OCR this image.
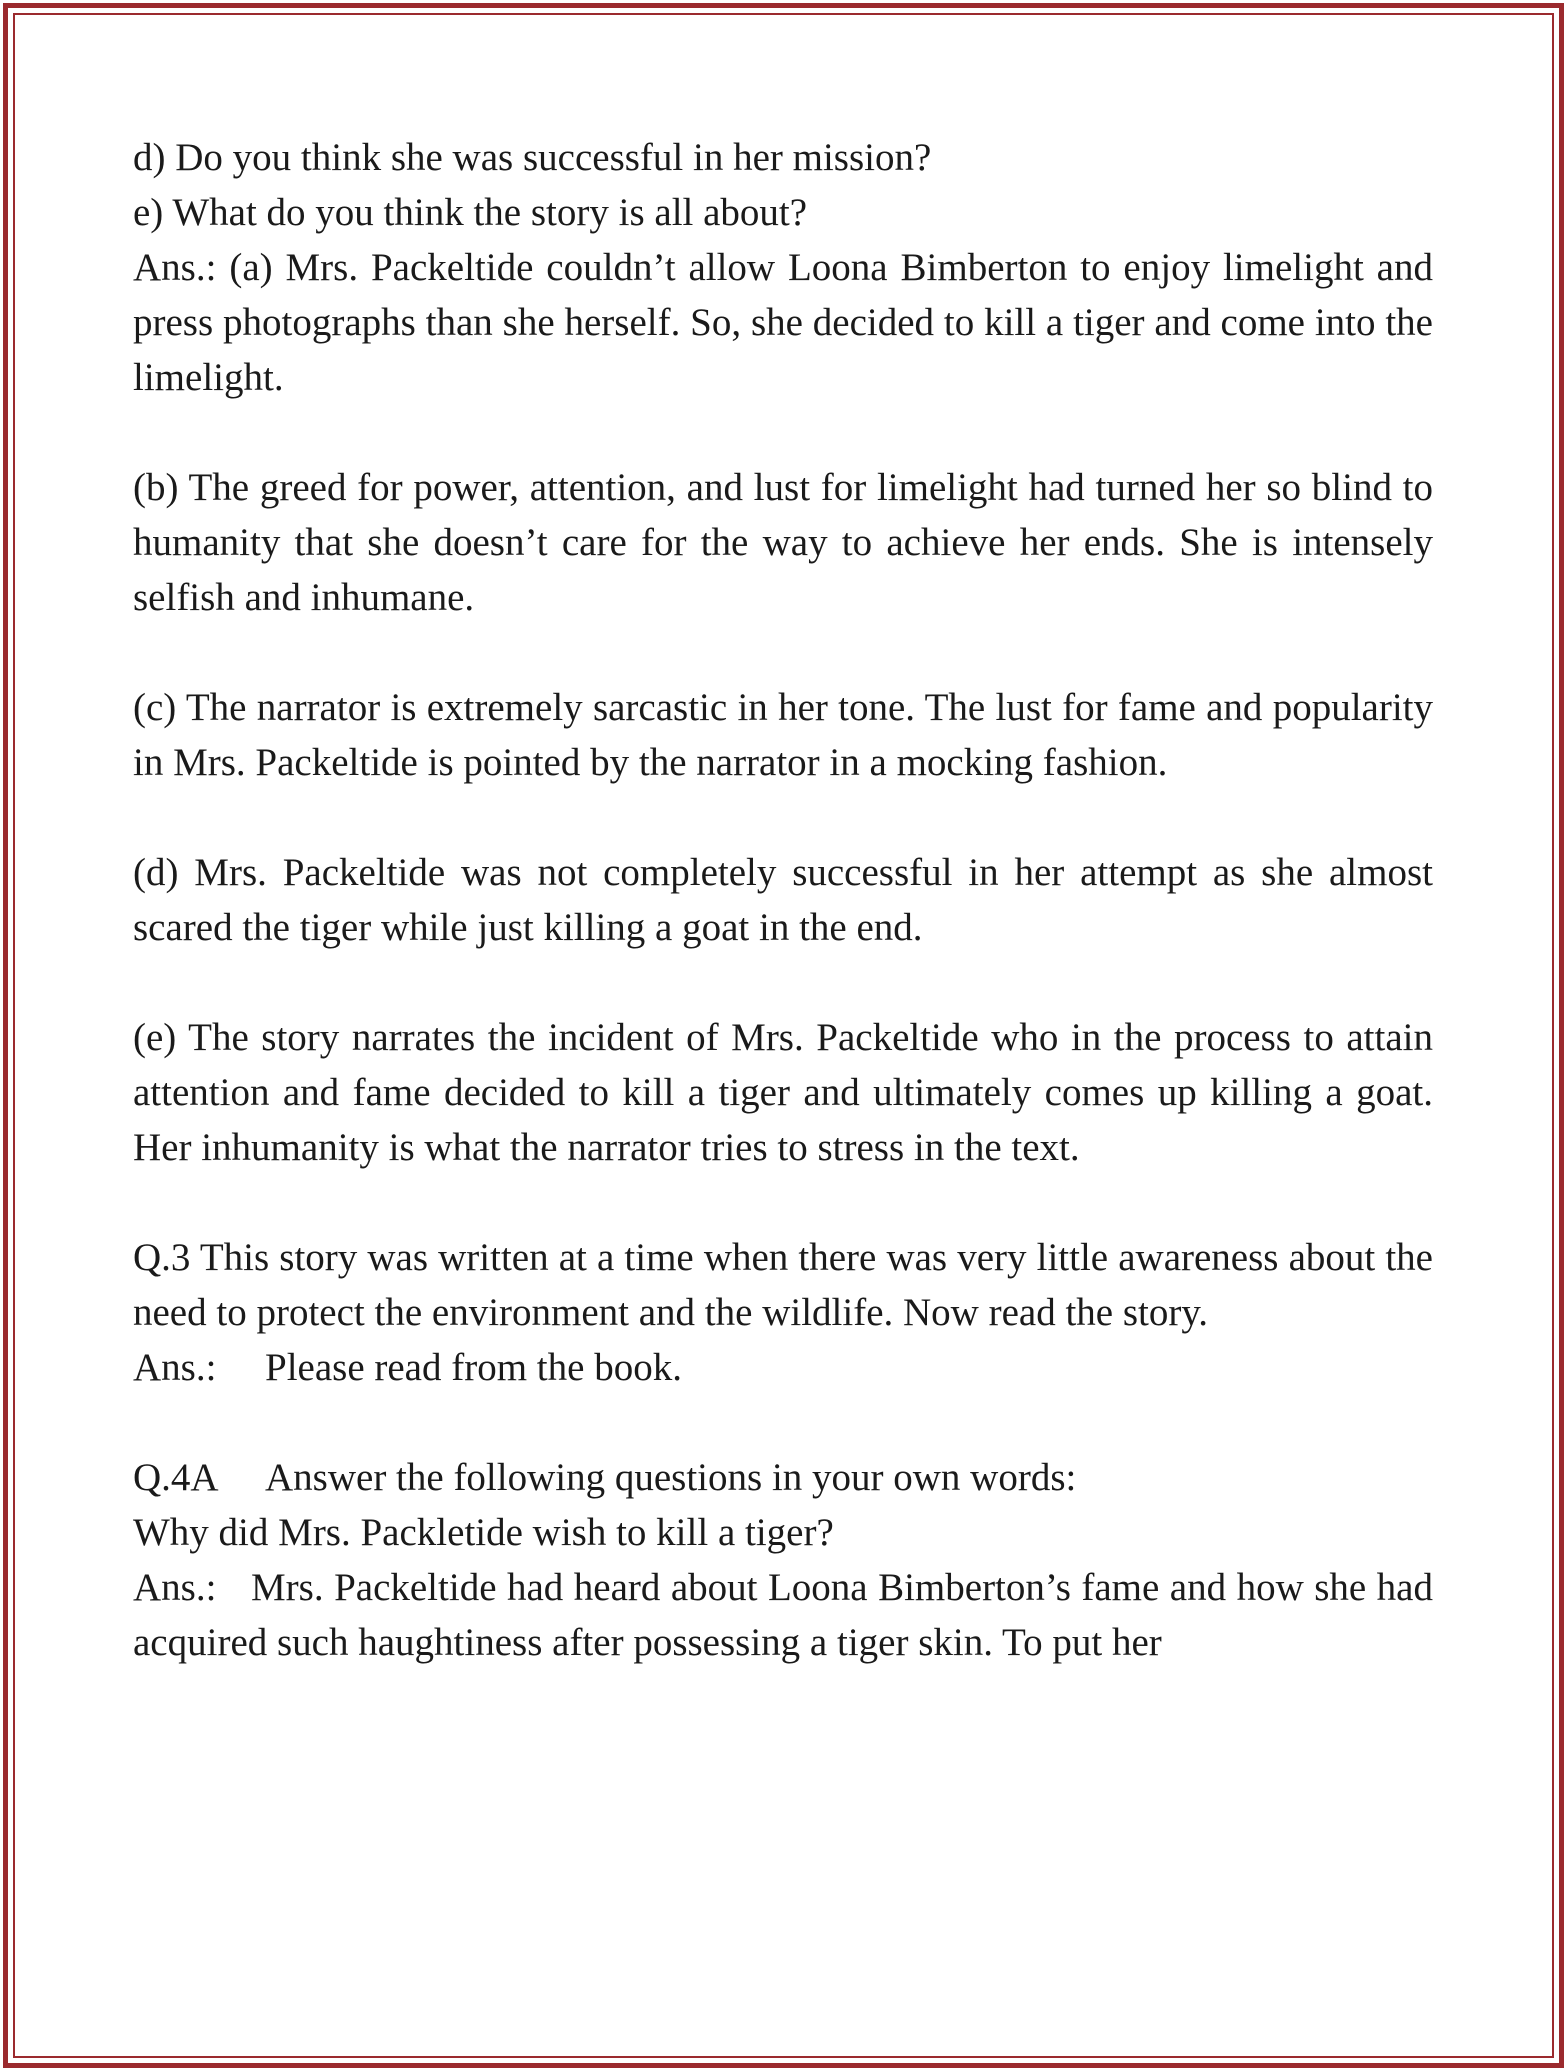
d) Do you think she was successful in her mission?
e) What do you think the story is all about?
Ans.: (a) Mrs. Packeltide couldn’t allow Loona Bimberton to enjoy limelight and press photographs than she herself. So, she decided to kill a tiger and come into the limelight.
(b) The greed for power, attention, and lust for limelight had turned her so blind to humanity that she doesn’t care for the way to achieve her ends. She is intensely selfish and inhumane.
(c) The narrator is extremely sarcastic in her tone. The lust for fame and popularity in Mrs. Packeltide is pointed by the narrator in a mocking fashion.
(d) Mrs. Packeltide was not completely successful in her attempt as she almost scared the tiger while just killing a goat in the end.
(e) The story narrates the incident of Mrs. Packeltide who in the process to attain attention and fame decided to kill a tiger and ultimately comes up killing a goat. Her inhumanity is what the narrator tries to stress in the text.
Q.3 This story was written at a time when there was very little awareness about the need to protect the environment and the wildlife. Now read the story.
Ans.: Please read from the book.
Q.4A Answer the following questions in your own words:
Why did Mrs. Packletide wish to kill a tiger?
Ans.: Mrs. Packeltide had heard about Loona Bimberton’s fame and how she had acquired such haughtiness after possessing a tiger skin. To put her
